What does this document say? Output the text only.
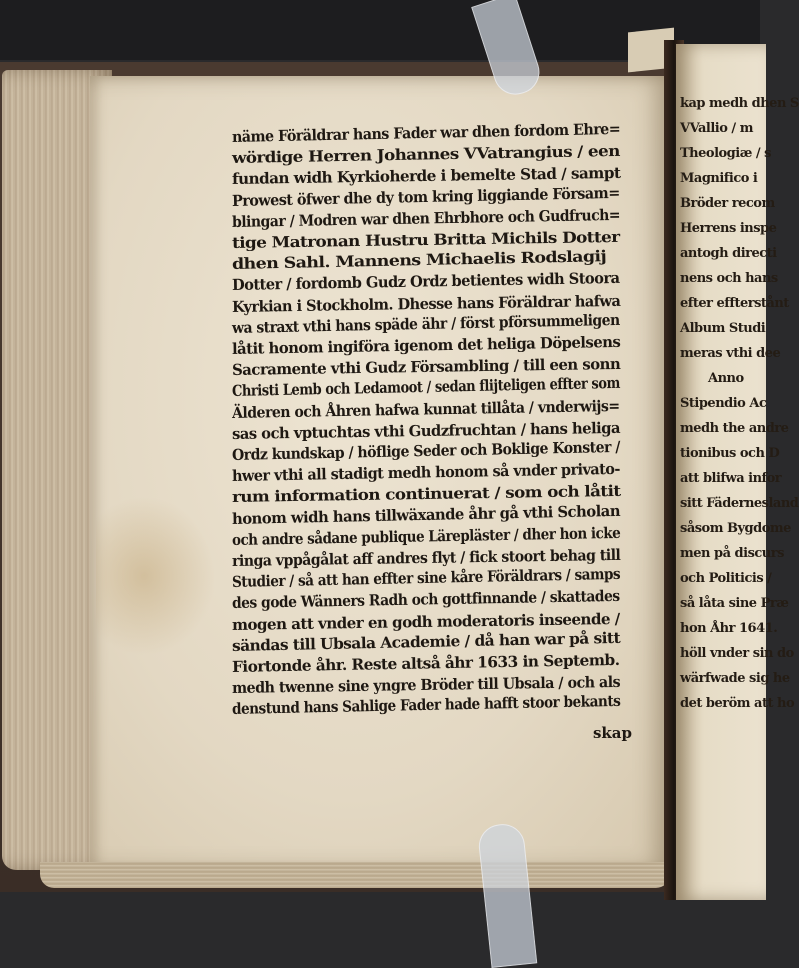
näme Föräldrar hans Fader war dhen fordom Ehre=
wördige Herren Johannes VVatrangius / een
fundan widh Kyrkioherde i bemelte Stad / sampt
Prowest öfwer dhe dy tom kring liggiande Försam=
blingar / Modren war dhen Ehrbhore och Gudfruch=
tige Matronan Hustru Britta Michils Dotter
dhen Sahl. Mannens Michaelis Rodslagij
Dotter / fordomb Gudz Ordz betientes widh Stoora
Kyrkian i Stockholm. Dhesse hans Föräldrar hafwa
wa straxt vthi hans späde ähr / först pförsummeligen
låtit honom ingiföra igenom det heliga Döpelsens
Sacramente vthi Gudz Försambling / till een sonn
Christi Lemb och Ledamoot / sedan flijteligen effter som
Älderen och Åhren hafwa kunnat tillåta / vnderwijs=
sas och vptuchtas vthi Gudzfruchtan / hans heliga
Ordz kundskap / höflige Seder och Boklige Konster /
hwer vthi all stadigt medh honom så vnder privato-
rum information continuerat / som och låtit
honom widh hans tillwäxande åhr gå vthi Scholan
och andre sådane publique Lärepläster / dher hon icke
ringa vppågålat aff andres flyt / fick stoort behag till
Studier / så att han effter sine kåre Föräldrars / samps
des gode Wänners Radh och gottfinnande / skattades
mogen att vnder en godh moderatoris inseende /
sändas till Ubsala Academie / då han war på sitt
Fiortonde åhr. Reste altså åhr 1633 in Septemb.
medh twenne sine yngre Bröder till Ubsala / och als
denstund hans Sahlige Fader hade hafft stoor bekants
skap
kap medh dhen S
VVallio / m
Theologiæ / s
Magnifico i
Bröder recom
Herrens inspe
antogh directi
nens och hans
efter effterstånt
Album Studi
meras vthi dee
Anno
Stipendio Ac
medh the andre
tionibus och D
att blifwa infor
sitt Fädernesland
såsom Bygdome
men på discurs
och Politicis /
så låta sine Præ
hon Åhr 1641.
höll vnder sin do
wärfwade sig he
det beröm att ho
